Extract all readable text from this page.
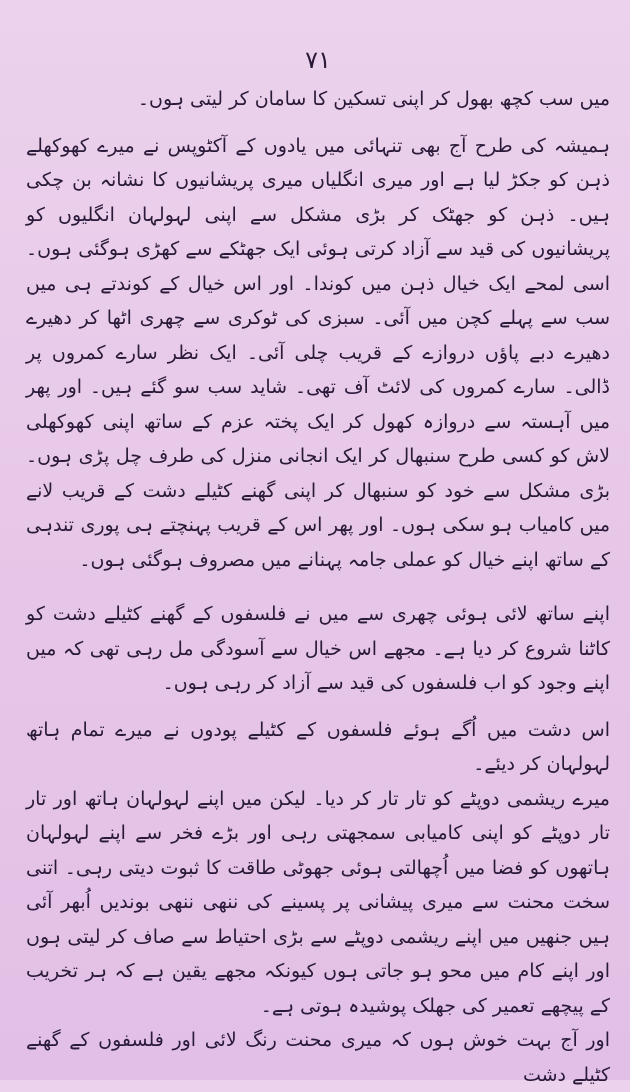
۷۱

میں سب کچھ بھول کر اپنی تسکین کا سامان کر لیتی ہوں۔

ہمیشہ کی طرح آج بھی تنہائی میں یادوں کے آکٹوپس نے میرے کھوکھلے ذہن کو جکڑ لیا ہے اور میری انگلیاں میری پریشانیوں کا نشانہ بن چکی ہیں۔ ذہن کو جھٹک کر بڑی مشکل سے اپنی لہولہان انگلیوں کو پریشانیوں کی قید سے آزاد کرتی ہوئی ایک جھٹکے سے کھڑی ہوگئی ہوں۔ اسی لمحے ایک خیال ذہن میں کوندا۔ اور اس خیال کے کوندتے ہی میں سب سے پہلے کچن میں آئی۔ سبزی کی ٹوکری سے چھری اٹھا کر دھیرے دھیرے دبے پاؤں دروازے کے قریب چلی آئی۔ ایک نظر سارے کمروں پر ڈالی۔ سارے کمروں کی لائٹ آف تھی۔ شاید سب سو گئے ہیں۔ اور پھر میں آہستہ سے دروازہ کھول کر ایک پختہ عزم کے ساتھ اپنی کھوکھلی لاش کو کسی طرح سنبھال کر ایک انجانی منزل کی طرف چل پڑی ہوں۔ بڑی مشکل سے خود کو سنبھال کر اپنی گھنے کٹیلے دشت کے قریب لانے میں کامیاب ہو سکی ہوں۔ اور پھر اس کے قریب پہنچتے ہی پوری تندہی کے ساتھ اپنے خیال کو عملی جامہ پہنانے میں مصروف ہوگئی ہوں۔

اپنے ساتھ لائی ہوئی چھری سے میں نے فلسفوں کے گھنے کٹیلے دشت کو کاٹنا شروع کر دیا ہے۔ مجھے اس خیال سے آسودگی مل رہی تھی کہ میں اپنے وجود کو اب فلسفوں کی قید سے آزاد کر رہی ہوں۔

اس دشت میں اُگے ہوئے فلسفوں کے کٹیلے پودوں نے میرے تمام ہاتھ لہولہان کر دیئے۔

میرے ریشمی دوپٹے کو تار تار کر دیا۔ لیکن میں اپنے لہولہان ہاتھ اور تار تار دوپٹے کو اپنی کامیابی سمجھتی رہی اور بڑے فخر سے اپنے لہولہان ہاتھوں کو فضا میں اُچھالتی ہوئی جھوٹی طاقت کا ثبوت دیتی رہی۔ اتنی سخت محنت سے میری پیشانی پر پسینے کی ننھی ننھی بوندیں اُبھر آئی ہیں جنھیں میں اپنے ریشمی دوپٹے سے بڑی احتیاط سے صاف کر لیتی ہوں اور اپنے کام میں محو ہو جاتی ہوں کیونکہ مجھے یقین ہے کہ ہر تخریب کے پیچھے تعمیر کی جھلک پوشیدہ ہوتی ہے۔

اور آج بہت خوش ہوں کہ میری محنت رنگ لائی اور فلسفوں کے گھنے کٹیلے دشت
